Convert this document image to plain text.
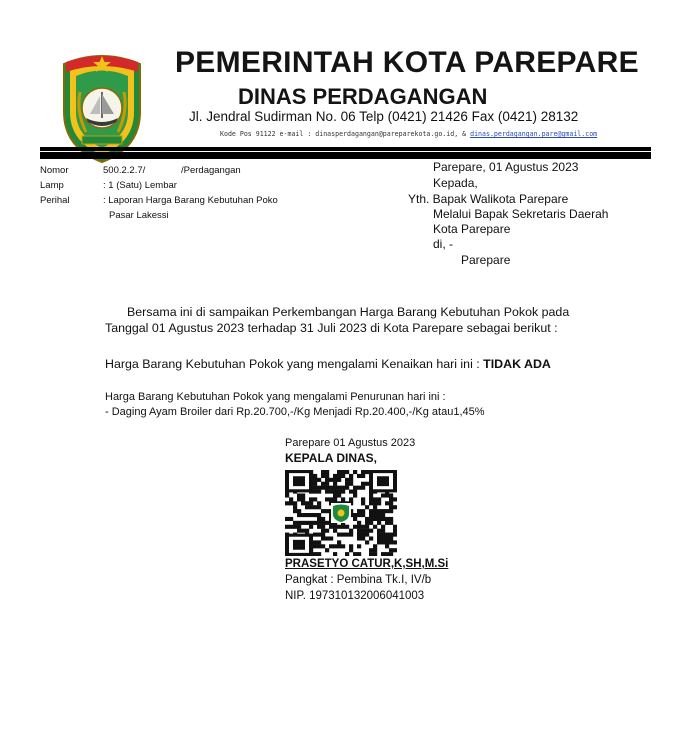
PEMERINTAH KOTA PAREPARE
DINAS PERDAGANGAN
Jl. Jendral Sudirman No. 06 Telp (0421) 21426 Fax (0421) 28132
Kode Pos 91122 e-mail : dinasperdagangan@pareparekota.go.id, & dinas.perdagangan.pare@gmail.com
Nomor	500.2.2.7/	/Perdagangan
Lamp	: 1 (Satu) Lembar
Perihal	: Laporan Harga Barang Kebutuhan Poko
Pasar Lakessi
Parepare, 01 Agustus 2023
Kepada,
Yth. Bapak Walikota Parepare
Melalui Bapak Sekretaris Daerah
Kota Parepare
di, -
Parepare
Bersama ini di sampaikan Perkembangan Harga Barang Kebutuhan Pokok pada
Tanggal 01 Agustus 2023 terhadap 31 Juli 2023 di Kota Parepare sebagai berikut :
Harga Barang Kebutuhan Pokok yang mengalami Kenaikan hari ini : TIDAK ADA
Harga Barang Kebutuhan Pokok yang mengalami Penurunan hari ini :
- Daging Ayam Broiler dari Rp.20.700,-/Kg Menjadi Rp.20.400,-/Kg atau1,45%
Parepare 01 Agustus 2023
KEPALA DINAS,
PRASETYO CATUR,K,SH,M.Si
Pangkat : Pembina Tk.I, IV/b
NIP. 197310132006041003
